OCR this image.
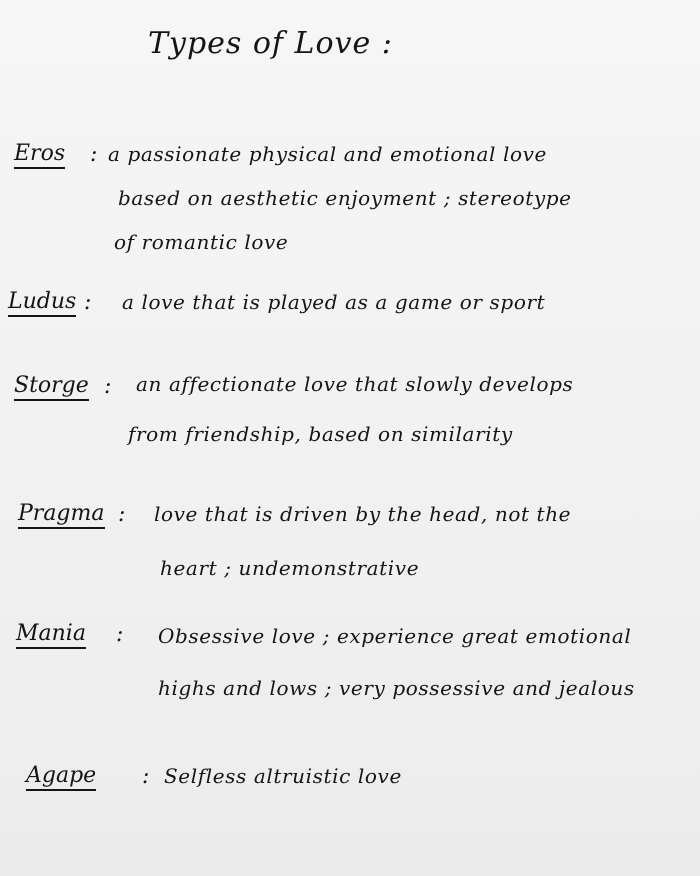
Types of Love :
Eros : a passionate physical and emotional love
based on aesthetic enjoyment ; stereotype
of romantic love
Ludus : a love that is played as a game or sport
Storge : an affectionate love that slowly develops
from friendship, based on similarity
Pragma : love that is driven by the head, not the
heart ; undemonstrative
Mania : Obsessive love ; experience great emotional
highs and lows ; very possessive and jealous
Agape : Selfless altruistic love
